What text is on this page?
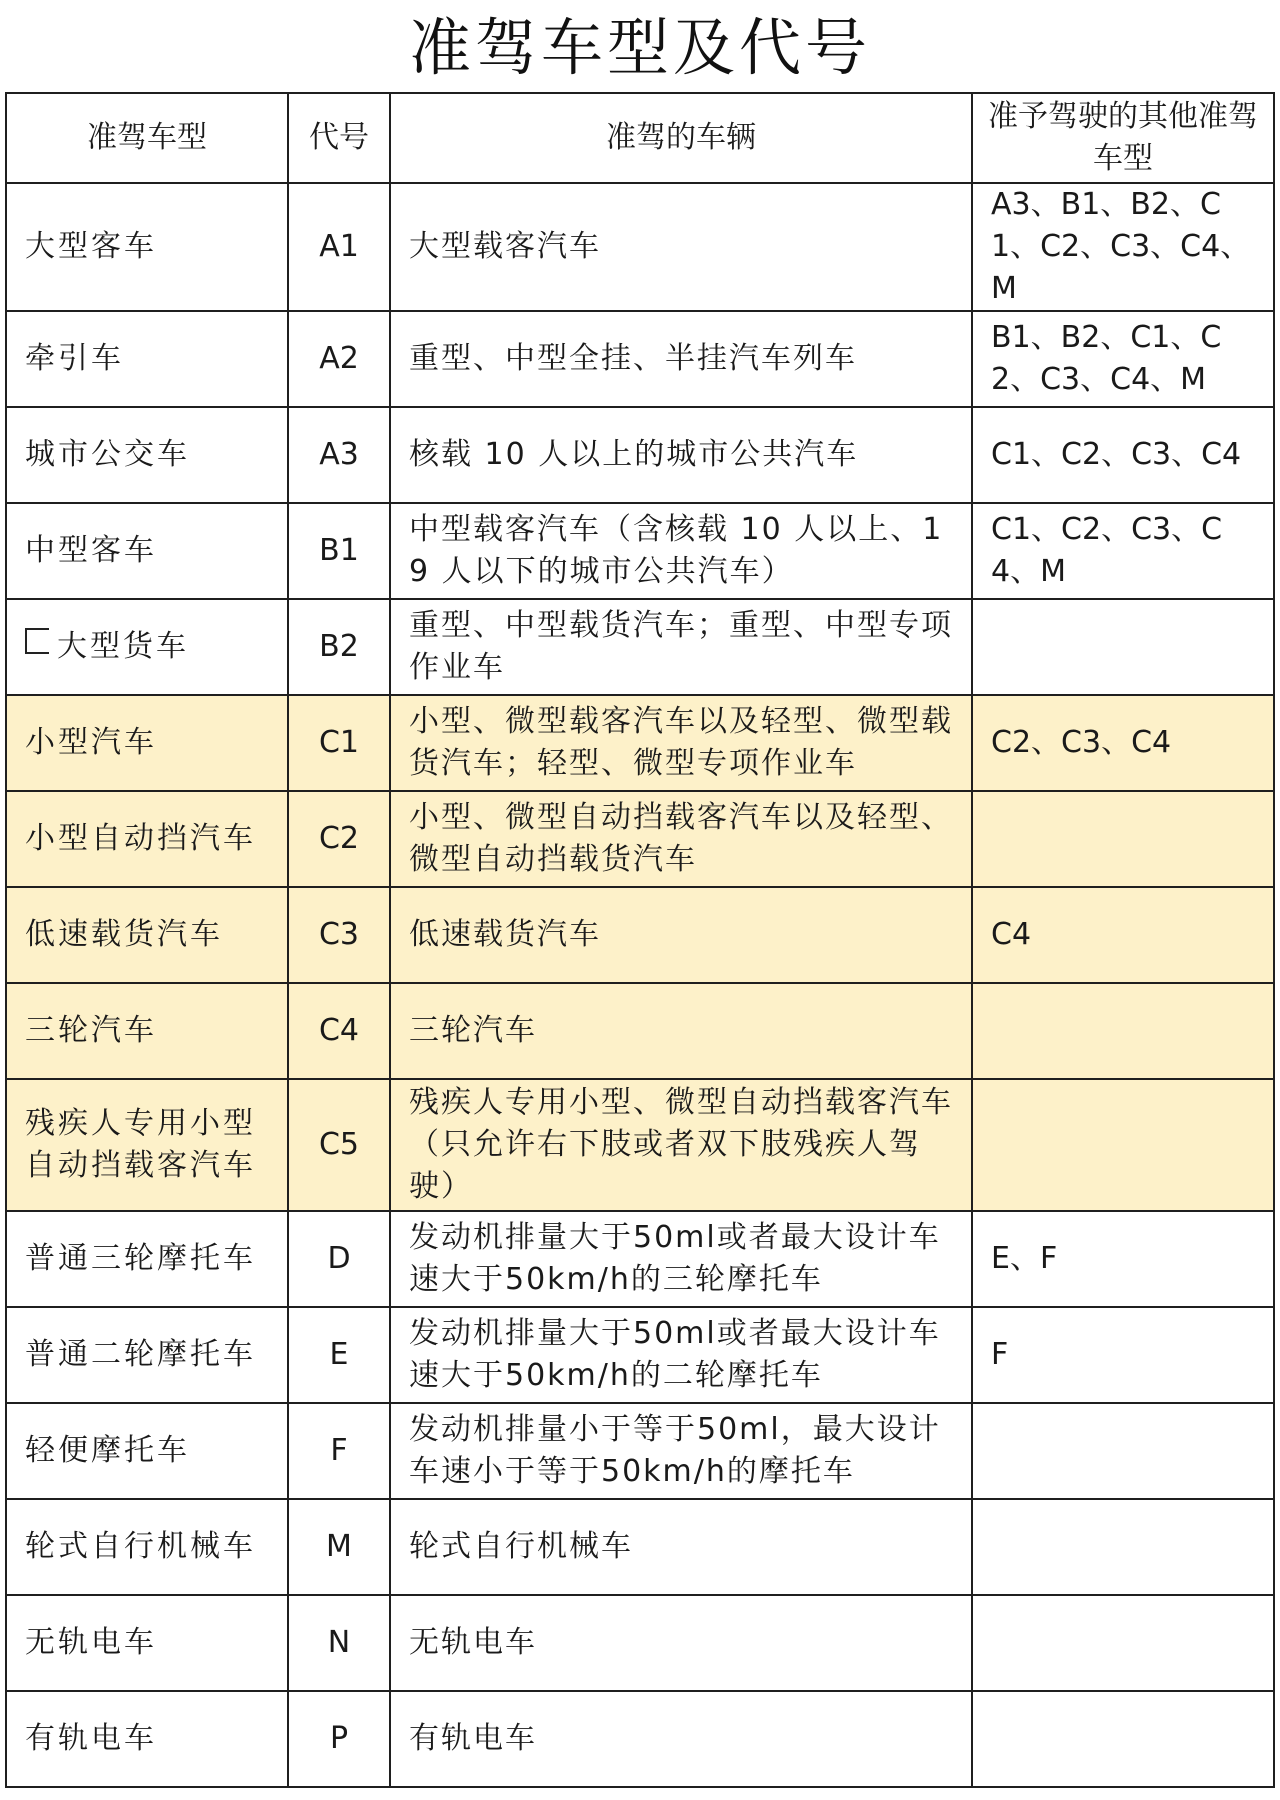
准驾车型及代号
准驾车型	代号	准驾的车辆	准予驾驶的其他准驾车型
大型客车	A1	大型载客汽车	A3、B1、B2、C1、C2、C3、C4、M
牵引车	A2	重型、中型全挂、半挂汽车列车	B1、B2、C1、C2、C3、C4、M
城市公交车	A3	核载 10 人以上的城市公共汽车	C1、C2、C3、C4
中型客车	B1	中型载客汽车（含核载 10 人以上、19 人以下的城市公共汽车）	C1、C2、C3、C4、M
大型货车	B2	重型、中型载货汽车；重型、中型专项作业车	
小型汽车	C1	小型、微型载客汽车以及轻型、微型载货汽车；轻型、微型专项作业车	C2、C3、C4
小型自动挡汽车	C2	小型、微型自动挡载客汽车以及轻型、微型自动挡载货汽车	
低速载货汽车	C3	低速载货汽车	C4
三轮汽车	C4	三轮汽车	
残疾人专用小型自动挡载客汽车	C5	残疾人专用小型、微型自动挡载客汽车（只允许右下肢或者双下肢残疾人驾驶）	
普通三轮摩托车	D	发动机排量大于50ml或者最大设计车速大于50km/h的三轮摩托车	E、F
普通二轮摩托车	E	发动机排量大于50ml或者最大设计车速大于50km/h的二轮摩托车	F
轻便摩托车	F	发动机排量小于等于50ml，最大设计车速小于等于50km/h的摩托车	
轮式自行机械车	M	轮式自行机械车	
无轨电车	N	无轨电车	
有轨电车	P	有轨电车	
